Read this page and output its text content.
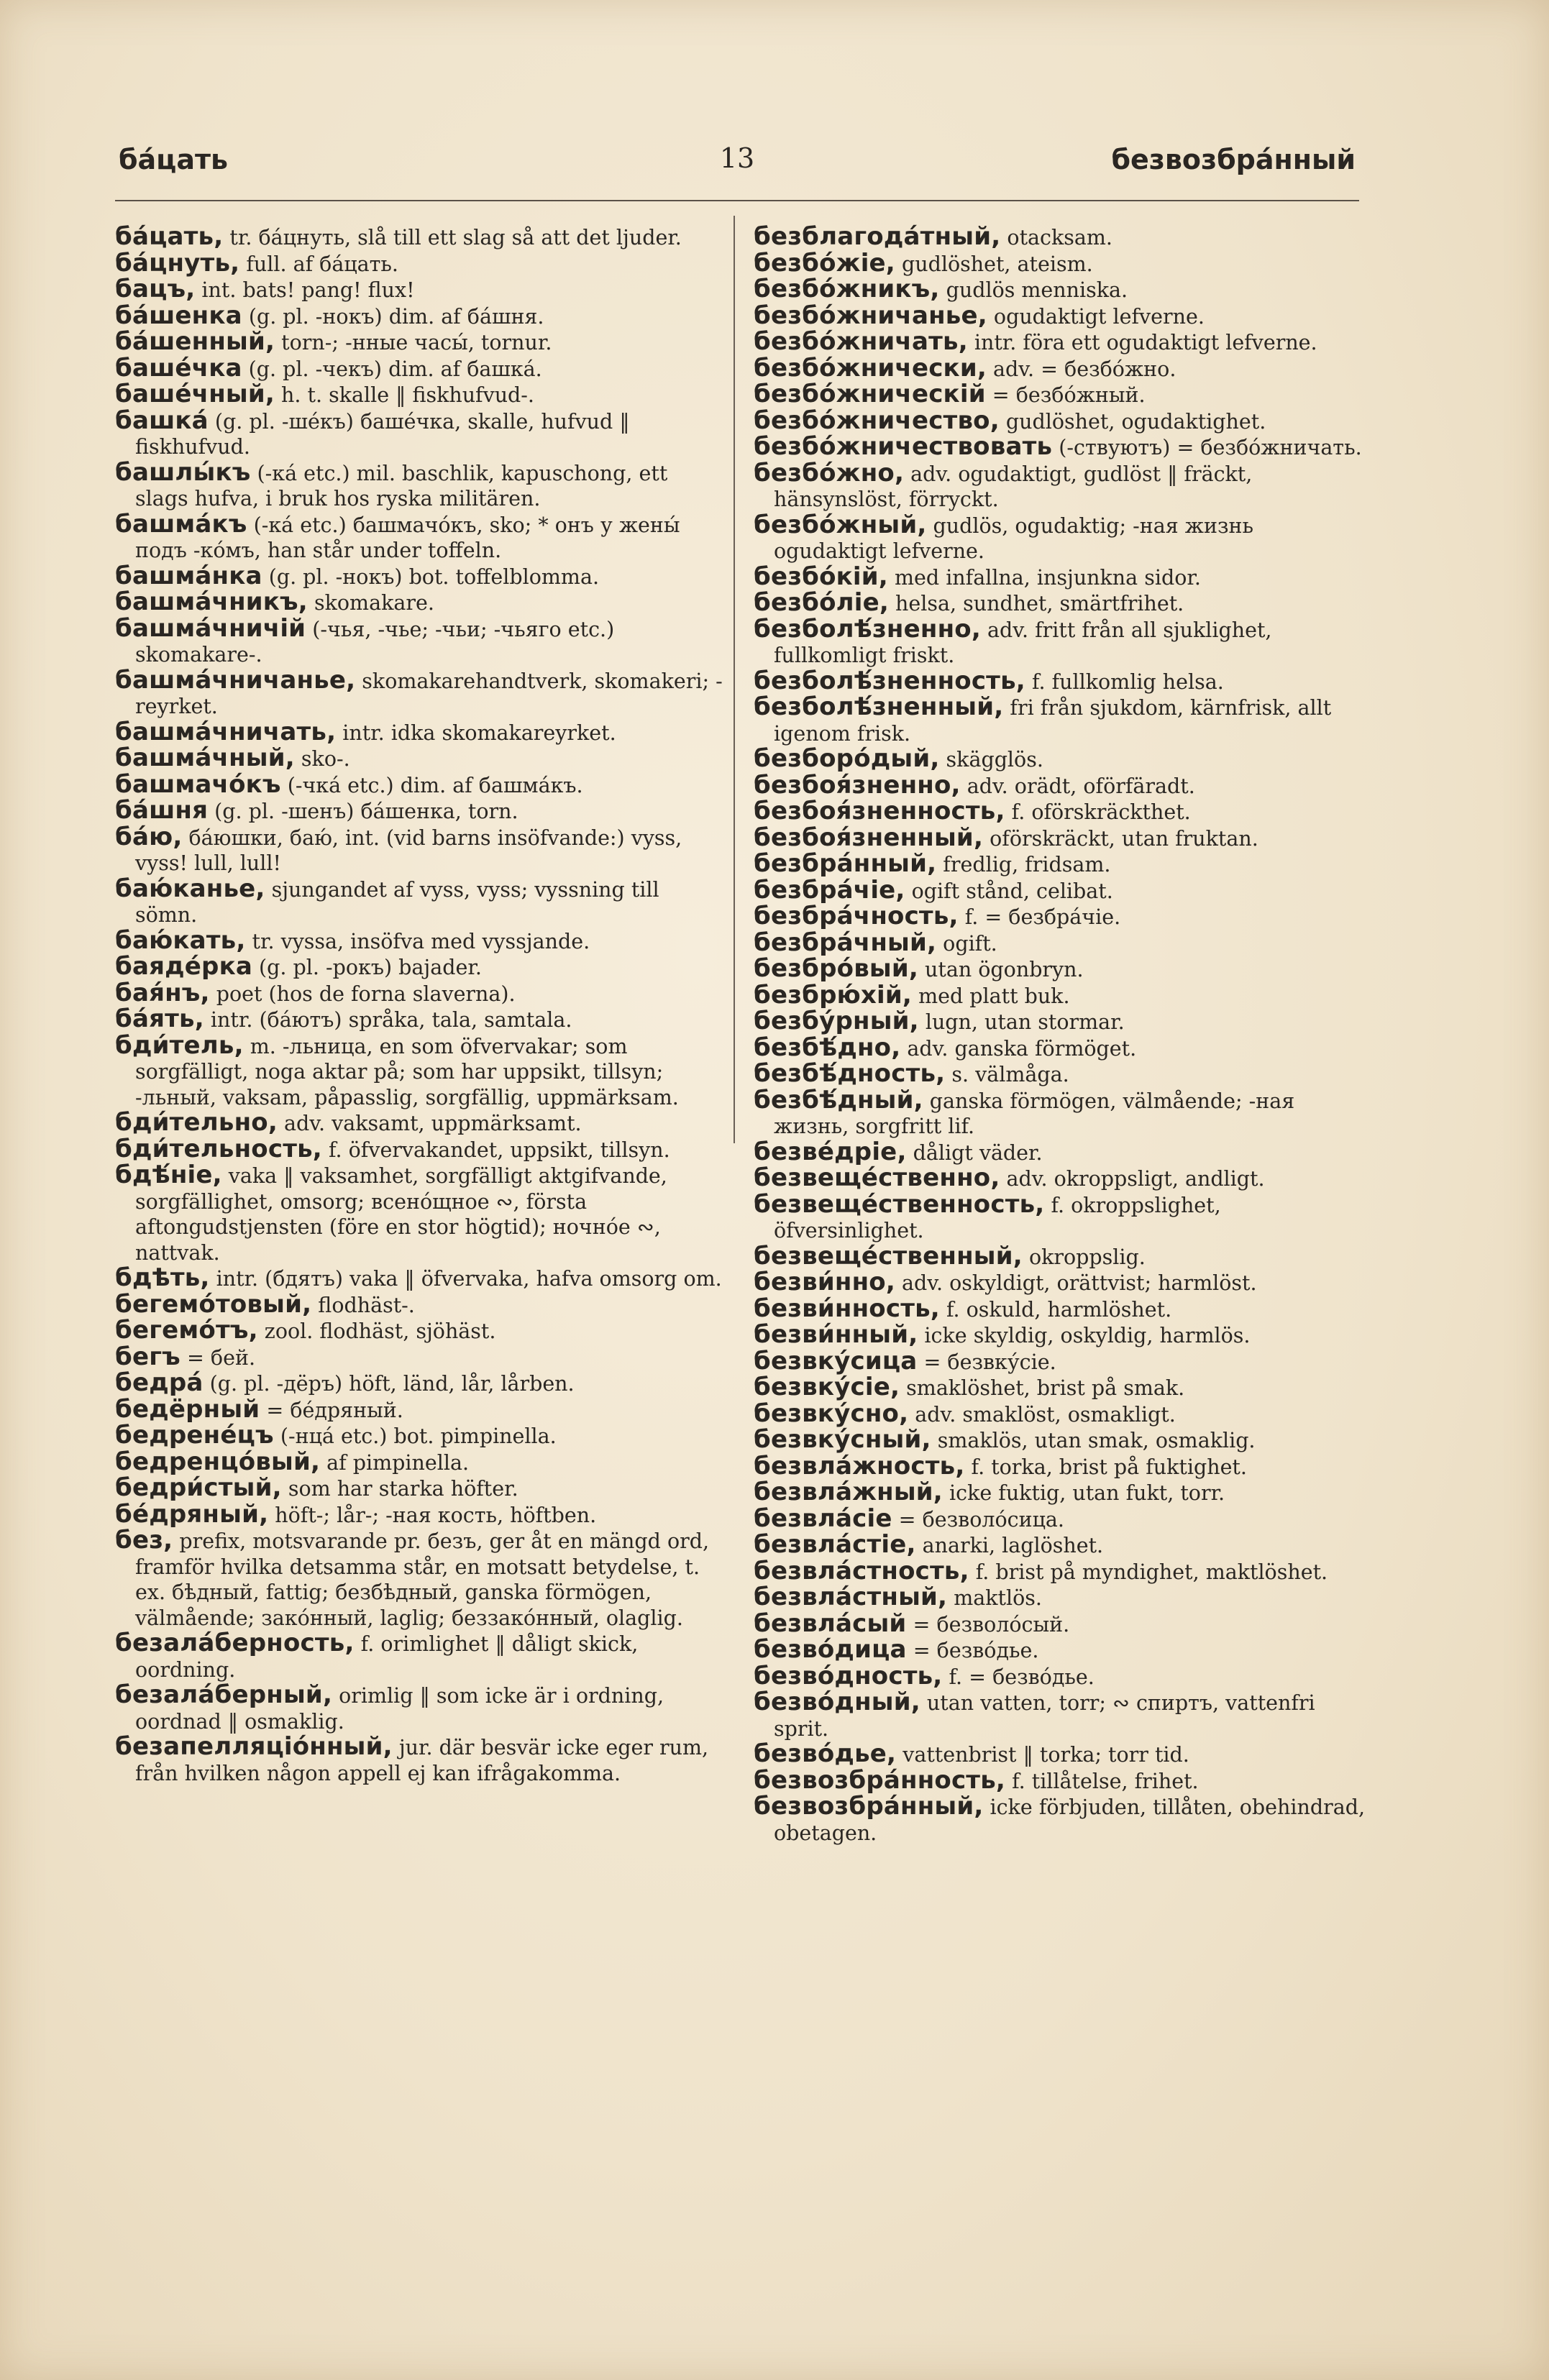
ба́цать	13	безвозбра́нный

ба́цать, tr. ба́цнуть, slå till ett slag så att det ljuder.

ба́цнуть, full. af ба́цать.

бацъ, int. bats! pang! flux!

ба́шенка (g. pl. -нокъ) dim. af ба́шня.

ба́шенный, torn-; -нные часы́, tornur.

баше́чка (g. pl. -чекъ) dim. af башка́.

баше́чный, h. t. skalle ‖ fiskhufvud-.

башка́ (g. pl. -ше́къ) баше́чка, skalle, hufvud ‖ fiskhufvud.

башлы́къ (-ка́ etc.) mil. baschlik, kapuschong, ett slags hufva, i bruk hos ryska militären.

башма́къ (-ка́ etc.) башмачо́къ, sko; * онъ у жены́ подъ -ко́мъ, han står under toffeln.

башма́нка (g. pl. -нокъ) bot. toffelblomma.

башма́чникъ, skomakare.

башма́чничій (-чья, -чье; -чьи; -чьяго etc.) skomakare-.

башма́чничанье, skomakarehandtverk, skomakeri; -reyrket.

башма́чничать, intr. idka skomakareyrket.

башма́чный, sko-.

башмачо́къ (-чка́ etc.) dim. af башма́къ.

ба́шня (g. pl. -шенъ) ба́шенка, torn.

ба́ю, ба́юшки, баю́, int. (vid barns insöfvande:) vyss, vyss! lull, lull!

баю́канье, sjungandet af vyss, vyss; vyssning till sömn.

баю́кать, tr. vyssa, insöfva med vyssjande.

баяде́рка (g. pl. -рокъ) bajader.

бая́нъ, poet (hos de forna slaverna).

ба́ять, intr. (ба́ютъ) språka, tala, samtala.

бди́тель, m. -льница, en som öfvervakar; som sorgfälligt, noga aktar på; som har uppsikt, tillsyn; -льный, vaksam, påpasslig, sorgfällig, uppmärksam.

бди́тельно, adv. vaksamt, uppmärksamt.

бди́тельность, f. öfvervakandet, uppsikt, tillsyn.

бдѣ́ніе, vaka ‖ vaksamhet, sorgfälligt aktgifvande, sorgfällighet, omsorg; всено́щное ∾, första aftongudstjensten (före en stor högtid); ночно́е ∾, nattvak.

бдѣть, intr. (бдятъ) vaka ‖ öfvervaka, hafva omsorg om.

бегемо́товый, flodhäst-.

бегемо́тъ, zool. flodhäst, sjöhäst.

бегъ = бей.

бедра́ (g. pl. -дёръ) höft, länd, lår, lårben.

бедёрный = бе́дряный.

бедрене́цъ (-нца́ etc.) bot. pimpinella.

бедренцо́вый, af pimpinella.

бедри́стый, som har starka höfter.

бе́дряный, höft-; lår-; -ная кость, höftben.

без, prefix, motsvarande pr. безъ, ger åt en mängd ord, framför hvilka detsamma står, en motsatt betydelse, t. ex. бѣдный, fattig; безбѣдный, ganska förmögen, välmående; зако́нный, laglig; беззако́нный, olaglig.

безала́берность, f. orimlighet ‖ dåligt skick, oordning.

безала́берный, orimlig ‖ som icke är i ordning, oordnad ‖ osmaklig.

безапелляціо́нный, jur. där besvär icke eger rum, från hvilken någon appell ej kan ifrågakomma.

безблагода́тный, otacksam.

безбо́жіе, gudlöshet, ateism.

безбо́жникъ, gudlös menniska.

безбо́жничанье, ogudaktigt lefverne.

безбо́жничать, intr. föra ett ogudaktigt lefverne.

безбо́жнически, adv. = безбо́жно.

безбо́жническій = безбо́жный.

безбо́жничествo, gudlöshet, ogudaktighet.

безбо́жничествовать (-ствуютъ) = безбо́жничать.

безбо́жно, adv. ogudaktigt, gudlöst ‖ fräckt, hänsynslöst, förryckt.

безбо́жный, gudlös, ogudaktig; -ная жизнь ogudaktigt lefverne.

безбо́кій, med infallna, insjunkna sidor.

безбо́ліе, helsa, sundhet, smärtfrihet.

безболѣ́зненно, adv. fritt från all sjuklighet, fullkomligt friskt.

безболѣ́зненность, f. fullkomlig helsa.

безболѣ́зненный, fri från sjukdom, kärnfrisk, allt igenom frisk.

безборо́дый, skägglös.

безбоя́зненно, adv. orädt, oförfäradt.

безбоя́зненность, f. oförskräckthet.

безбоя́зненный, oförskräckt, utan fruktan.

безбра́нный, fredlig, fridsam.

безбра́чіе, ogift stånd, celibat.

безбра́чность, f. = безбра́чіе.

безбра́чный, ogift.

безбро́вый, utan ögonbryn.

безбрю́хій, med platt buk.

безбу́рный, lugn, utan stormar.

безбѣ́дно, adv. ganska förmöget.

безбѣ́дность, s. välmåga.

безбѣ́дный, ganska förmögen, välmående; -ная жизнь, sorgfritt lif.

безве́дріе, dåligt väder.

безвеще́ственно, adv. okroppsligt, andligt.

безвеще́ственность, f. okroppslighet, öfversinlighet.

безвеще́ственный, okroppslig.

безви́нно, adv. oskyldigt, orättvist; harmlöst.

безви́нность, f. oskuld, harmlöshet.

безви́нный, icke skyldig, oskyldig, harmlös.

безвку́сица = безвку́сіе.

безвку́сіе, smaklöshet, brist på smak.

безвку́сно, adv. smaklöst, osmakligt.

безвку́сный, smaklös, utan smak, osmaklig.

безвла́жность, f. torka, brist på fuktighet.

безвла́жный, icke fuktig, utan fukt, torr.

безвла́сіе = безволо́сица.

безвла́стіе, anarki, laglöshet.

безвла́стность, f. brist på myndighet, maktlöshet.

безвла́стный, maktlös.

безвла́сый = безволо́сый.

безво́дица = безво́дье.

безво́дность, f. = безво́дье.

безво́дный, utan vatten, torr; ∾ спиртъ, vattenfri sprit.

безво́дье, vattenbrist ‖ torka; torr tid.

безвозбра́нность, f. tillåtelse, frihet.

безвозбра́нный, icke förbjuden, tillåten, obehindrad, obetagen.
